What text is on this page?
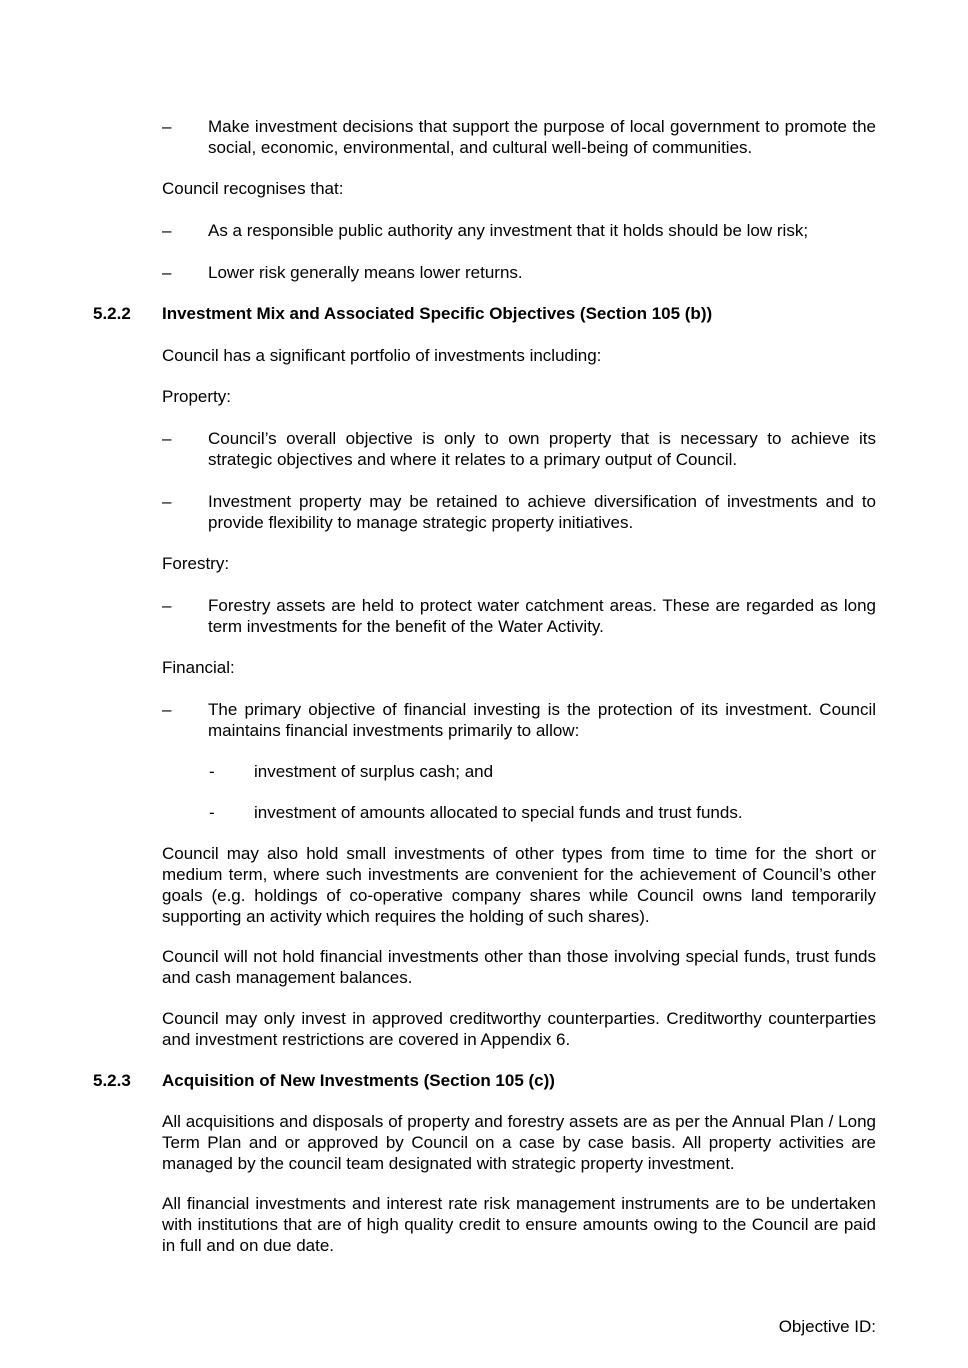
– Make investment decisions that support the purpose of local government to promote the social, economic, environmental, and cultural well-being of communities.

Council recognises that:

– As a responsible public authority any investment that it holds should be low risk;

– Lower risk generally means lower returns.

5.2.2 Investment Mix and Associated Specific Objectives (Section 105 (b))

Council has a significant portfolio of investments including:

Property:

– Council’s overall objective is only to own property that is necessary to achieve its strategic objectives and where it relates to a primary output of Council.

– Investment property may be retained to achieve diversification of investments and to provide flexibility to manage strategic property initiatives.

Forestry:

– Forestry assets are held to protect water catchment areas. These are regarded as long term investments for the benefit of the Water Activity.

Financial:

– The primary objective of financial investing is the protection of its investment. Council maintains financial investments primarily to allow:

- investment of surplus cash; and

- investment of amounts allocated to special funds and trust funds.

Council may also hold small investments of other types from time to time for the short or medium term, where such investments are convenient for the achievement of Council’s other goals (e.g. holdings of co-operative company shares while Council owns land temporarily supporting an activity which requires the holding of such shares).

Council will not hold financial investments other than those involving special funds, trust funds and cash management balances.

Council may only invest in approved creditworthy counterparties. Creditworthy counterparties and investment restrictions are covered in Appendix 6.

5.2.3 Acquisition of New Investments (Section 105 (c))

All acquisitions and disposals of property and forestry assets are as per the Annual Plan / Long Term Plan and or approved by Council on a case by case basis. All property activities are managed by the council team designated with strategic property investment.

All financial investments and interest rate risk management instruments are to be undertaken with institutions that are of high quality credit to ensure amounts owing to the Council are paid in full and on due date.

Objective ID:
